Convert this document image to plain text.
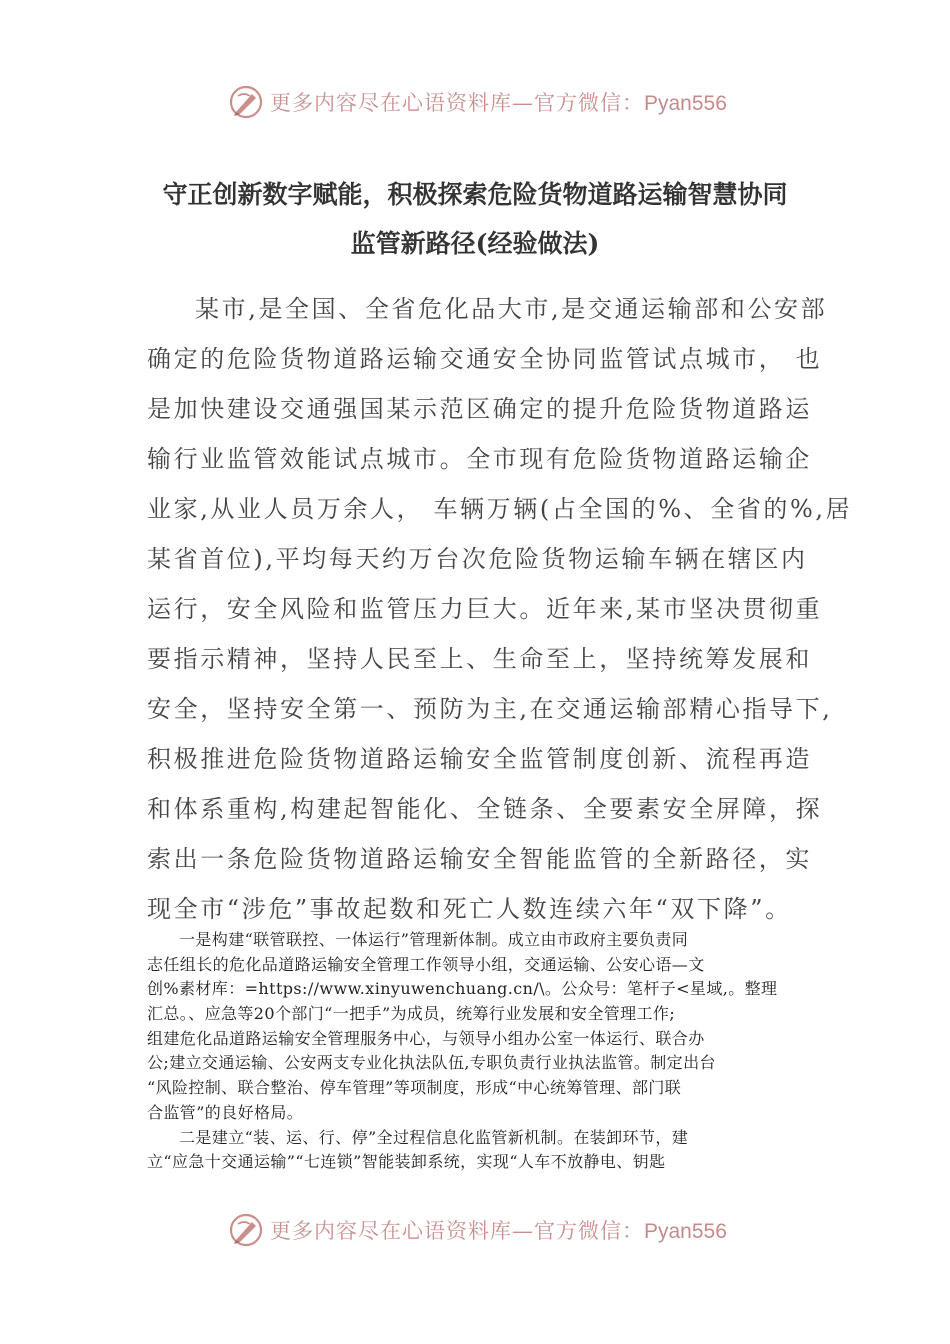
更多内容尽在心语资料库—官方微信：Pyan556
守正创新数字赋能，积极探索危险货物道路运输智慧协同
监管新路径(经验做法)
某市,是全国、全省危化品大市,是交通运输部和公安部
确定的危险货物道路运输交通安全协同监管试点城市， 也
是加快建设交通强国某示范区确定的提升危险货物道路运
输行业监管效能试点城市。全市现有危险货物道路运输企
业家,从业人员万余人， 车辆万辆(占全国的%、全省的%,居
某省首位),平均每天约万台次危险货物运输车辆在辖区内
运行，安全风险和监管压力巨大。近年来,某市坚决贯彻重
要指示精神，坚持人民至上、生命至上，坚持统筹发展和
安全，坚持安全第一、预防为主,在交通运输部精心指导下,
积极推进危险货物道路运输安全监管制度创新、流程再造
和体系重构,构建起智能化、全链条、全要素安全屏障，探
索出一条危险货物道路运输安全智能监管的全新路径，实
现全市“涉危”事故起数和死亡人数连续六年“双下降”。
一是构建“联管联控、一体运行”管理新体制。成立由市政府主要负责同
志任组长的危化品道路运输安全管理工作领导小组，交通运输、公安心语—文
创%素材库：=https://www.xinyuwenchuang.cn/\。公众号：笔杆子<星域,。整理
汇总。、应急等20个部门“一把手”为成员，统筹行业发展和安全管理工作;
组建危化品道路运输安全管理服务中心，与领导小组办公室一体运行、联合办
公;建立交通运输、公安两支专业化执法队伍,专职负责行业执法监管。制定出台
“风险控制、联合整治、停车管理”等项制度，形成“中心统筹管理、部门联
合监管”的良好格局。
二是建立“装、运、行、停”全过程信息化监管新机制。在装卸环节，建
立“应急十交通运输”“七连锁”智能装卸系统，实现“人车不放静电、钥匙
更多内容尽在心语资料库—官方微信：Pyan556
